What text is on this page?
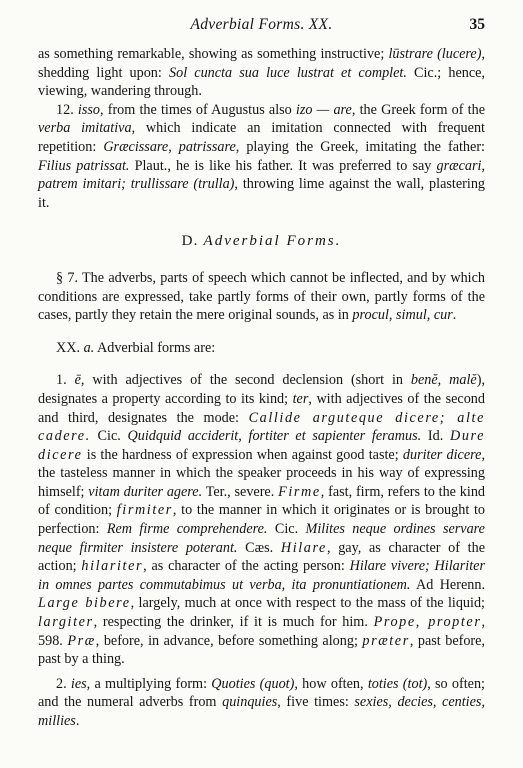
Adverbial Forms. XX.	35

as something remarkable, showing as something instructive; lūstrare (lucere), shedding light upon: Sol cuncta sua luce lustrat et complet. Cic.; hence, viewing, wandering through.

12. isso, from the times of Augustus also izo — are, the Greek form of the verba imitativa, which indicate an imitation connected with frequent repetition: Græcissare, patrissare, playing the Greek, imitating the father: Filius patrissat. Plaut., he is like his father. It was preferred to say græcari, patrem imitari; trullissare (trulla), throwing lime against the wall, plastering it.

D. Adverbial Forms.

§ 7. The adverbs, parts of speech which cannot be inflected, and by which conditions are expressed, take partly forms of their own, partly forms of the cases, partly they retain the mere original sounds, as in procul, simul, cur.

XX. a. Adverbial forms are:

1. ē, with adjectives of the second declension (short in benĕ, malĕ), designates a property according to its kind; ter, with adjectives of the second and third, designates the mode: Callide arguteque dicere; alte cadere. Cic. Quidquid acciderit, fortiter et sapienter feramus. Id. Dure dicere is the hardness of expression when against good taste; duriter dicere, the tasteless manner in which the speaker proceeds in his way of expressing himself; vitam duriter agere. Ter., severe. Firme, fast, firm, refers to the kind of condition; firmiter, to the manner in which it originates or is brought to perfection: Rem firme comprehendere. Cic. Milites neque ordines servare neque firmiter insistere poterant. Cæs. Hilare, gay, as character of the action; hilariter, as character of the acting person: Hilare vivere; Hilariter in omnes partes commutabimus ut verba, ita pronuntiationem. Ad Herenn. Large bibere, largely, much at once with respect to the mass of the liquid; largiter, respecting the drinker, if it is much for him. Prope, propter, 598. Præ, before, in advance, before something along; præter, past before, past by a thing.

2. ies, a multiplying form: Quoties (quot), how often, toties (tot), so often; and the numeral adverbs from quinquies, five times: sexies, decies, centies, millies.
